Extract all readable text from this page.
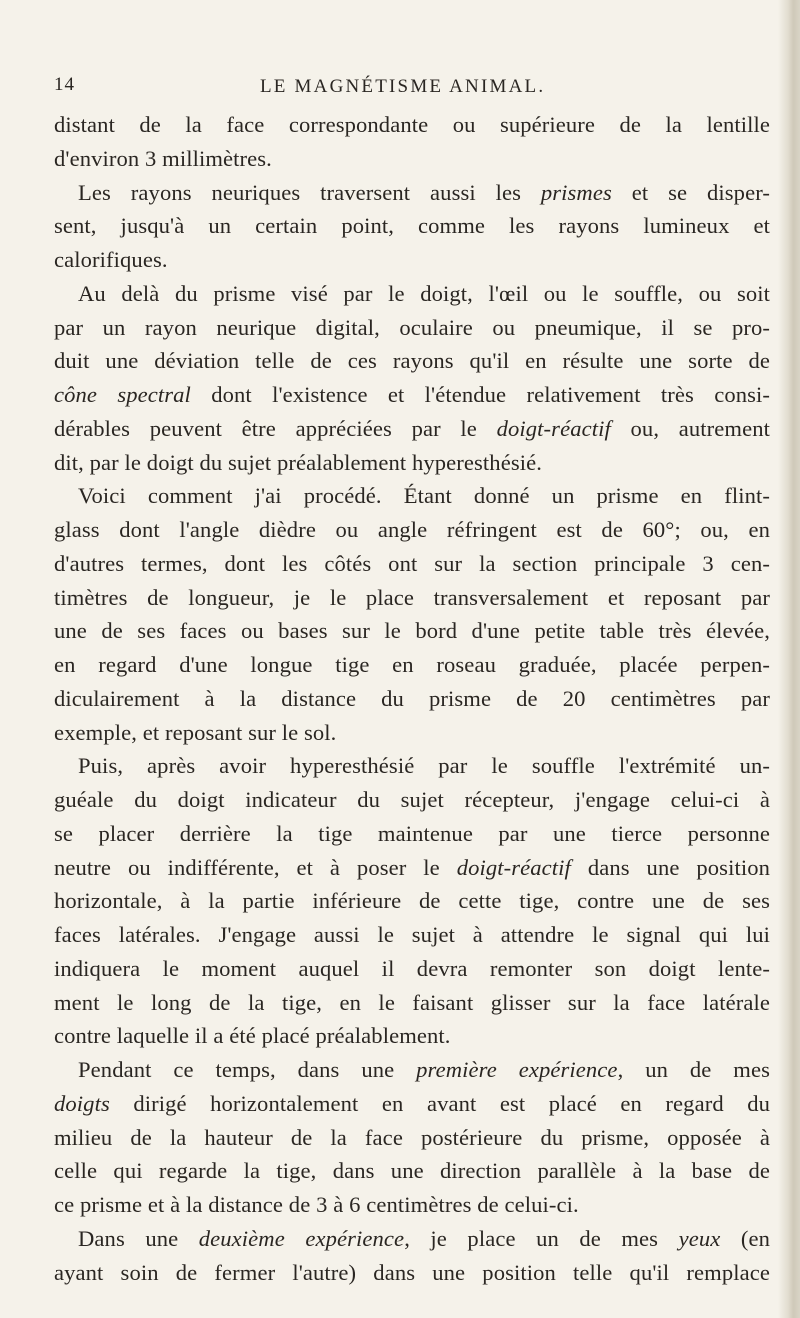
14	LE MAGNÉTISME ANIMAL.
distant de la face correspondante ou supérieure de la lentille
d'environ 3 millimètres.
Les rayons neuriques traversent aussi les prismes et se disper-
sent, jusqu'à un certain point, comme les rayons lumineux et
calorifiques.
Au delà du prisme visé par le doigt, l'œil ou le souffle, ou soit
par un rayon neurique digital, oculaire ou pneumique, il se pro-
duit une déviation telle de ces rayons qu'il en résulte une sorte de
cône spectral dont l'existence et l'étendue relativement très consi-
dérables peuvent être appréciées par le doigt-réactif ou, autrement
dit, par le doigt du sujet préalablement hyperesthésié.
Voici comment j'ai procédé. Étant donné un prisme en flint-
glass dont l'angle dièdre ou angle réfringent est de 60°; ou, en
d'autres termes, dont les côtés ont sur la section principale 3 cen-
timètres de longueur, je le place transversalement et reposant par
une de ses faces ou bases sur le bord d'une petite table très élevée,
en regard d'une longue tige en roseau graduée, placée perpen-
diculairement à la distance du prisme de 20 centimètres par
exemple, et reposant sur le sol.
Puis, après avoir hyperesthésié par le souffle l'extrémité un-
guéale du doigt indicateur du sujet récepteur, j'engage celui-ci à
se placer derrière la tige maintenue par une tierce personne
neutre ou indifférente, et à poser le doigt-réactif dans une position
horizontale, à la partie inférieure de cette tige, contre une de ses
faces latérales. J'engage aussi le sujet à attendre le signal qui lui
indiquera le moment auquel il devra remonter son doigt lente-
ment le long de la tige, en le faisant glisser sur la face latérale
contre laquelle il a été placé préalablement.
Pendant ce temps, dans une première expérience, un de mes
doigts dirigé horizontalement en avant est placé en regard du
milieu de la hauteur de la face postérieure du prisme, opposée à
celle qui regarde la tige, dans une direction parallèle à la base de
ce prisme et à la distance de 3 à 6 centimètres de celui-ci.
Dans une deuxième expérience, je place un de mes yeux (en
ayant soin de fermer l'autre) dans une position telle qu'il remplace
